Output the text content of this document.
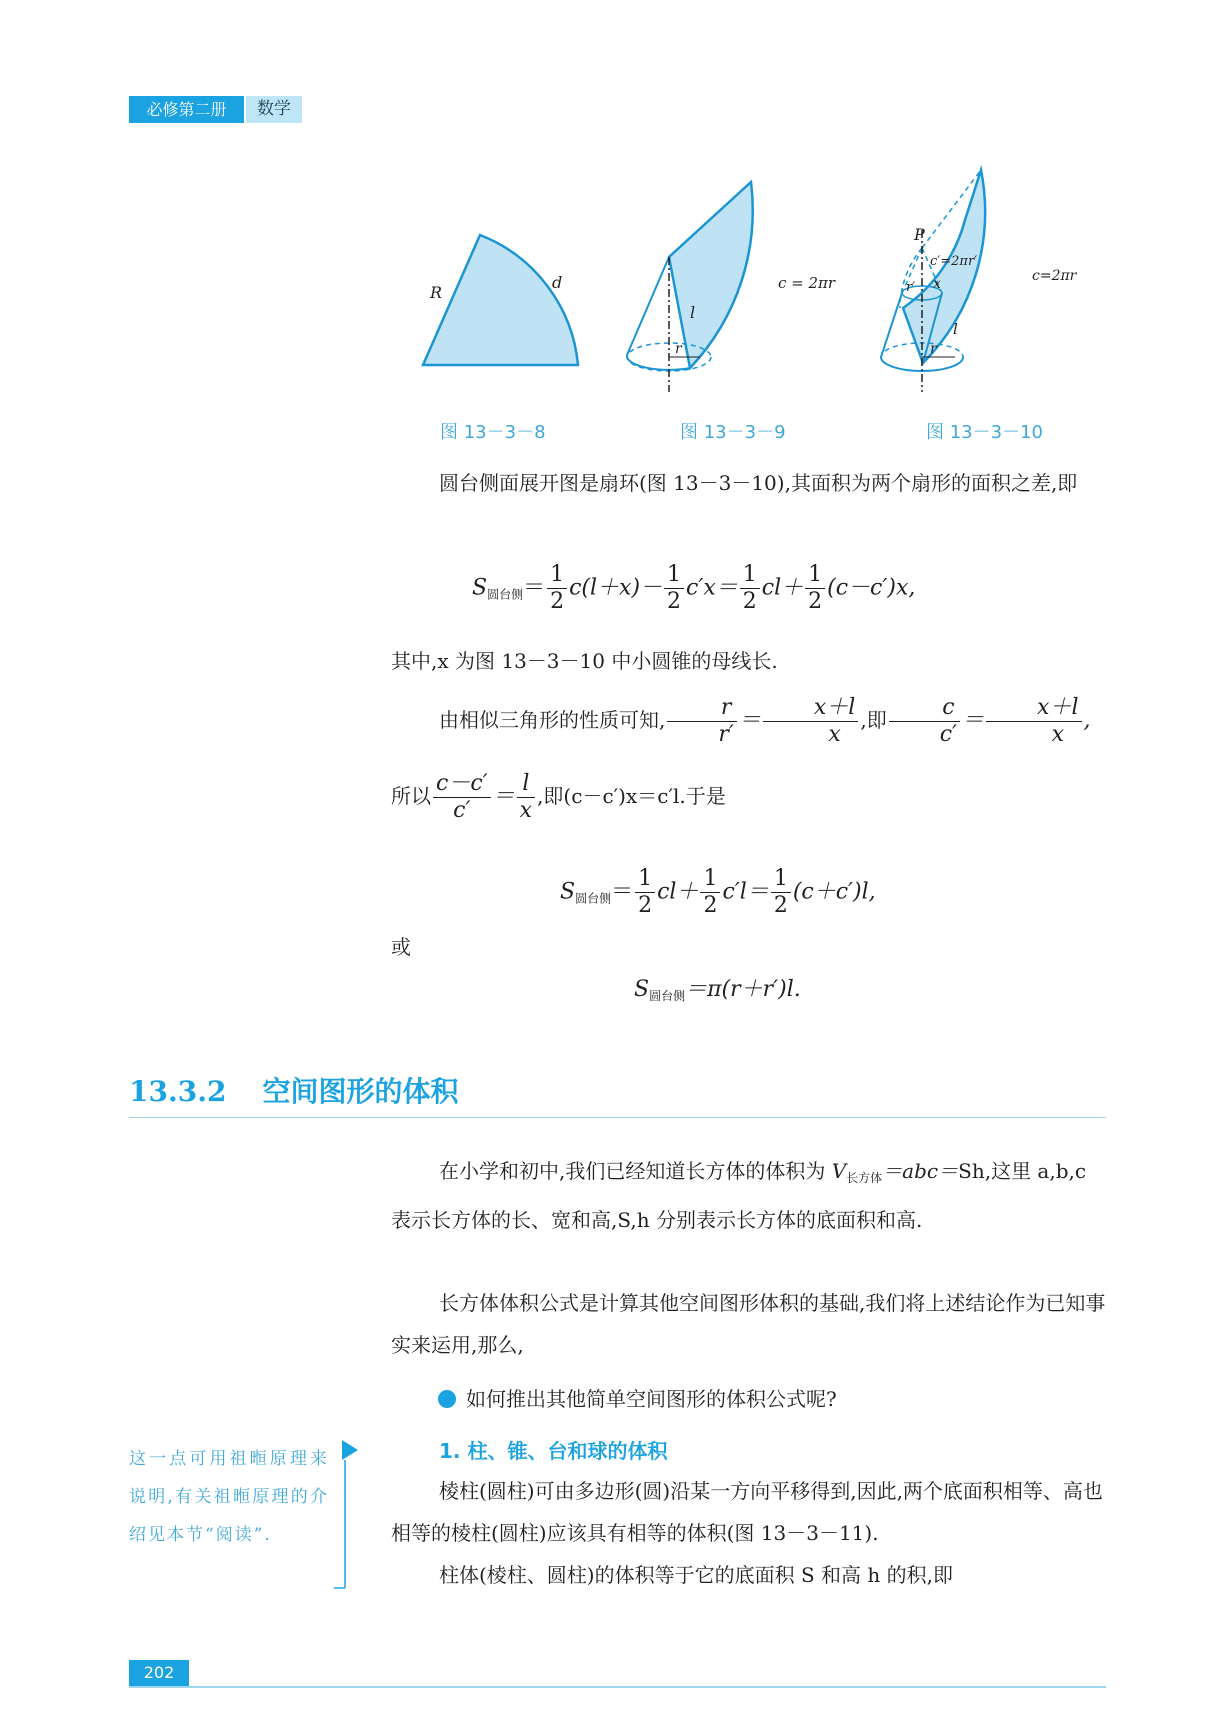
必修第二册	数学
R
d
r
l
c = 2πr
P
c′=2πr′
x
r′
l
r
c=2πr
图 13－3－8	图 13－3－9	图 13－3－10
圆台侧面展开图是扇环(图 13－3－10),其面积为两个扇形的面积之差,即
$S_{圆台侧}= \frac{1}{2} c(l+x)- \frac{1}{2} c'x= \frac{1}{2} cl+ \frac{1}{2} (c-c')x$,
其中,x 为图 13－3－10 中小圆锥的母线长.
由相似三角形的性质可知, $\frac{r}{r'} = \frac{x+l}{x}$ ,即 $\frac{c}{c'} = \frac{x+l}{x}$ ,
所以 $\frac{c-c'}{c'} = \frac{l}{x}$ ,即(c－c′)x＝c′l.于是
$S_{圆台侧}= \frac{1}{2} cl+ \frac{1}{2} c'l= \frac{1}{2} (c+c')l$,
或
$S_{圆台侧}=\pi(r+r')l$.
13.3.2 空间图形的体积
在小学和初中,我们已经知道长方体的体积为 $V_{长方体}=abc=Sh$,这里 a,b,c 表示长方体的长、宽和高,S,h 分别表示长方体的底面积和高.
长方体体积公式是计算其他空间图形体积的基础,我们将上述结论作为已知事实来运用,那么,
如何推出其他简单空间图形的体积公式呢?
1. 柱、锥、台和球的体积
棱柱(圆柱)可由多边形(圆)沿某一方向平移得到,因此,两个底面积相等、高也相等的棱柱(圆柱)应该具有相等的体积(图 13－3－11).
柱体(棱柱、圆柱)的体积等于它的底面积 S 和高 h 的积,即
这一点可用祖暅原理来说明,有关祖暅原理的介绍见本节“阅读”.
202
